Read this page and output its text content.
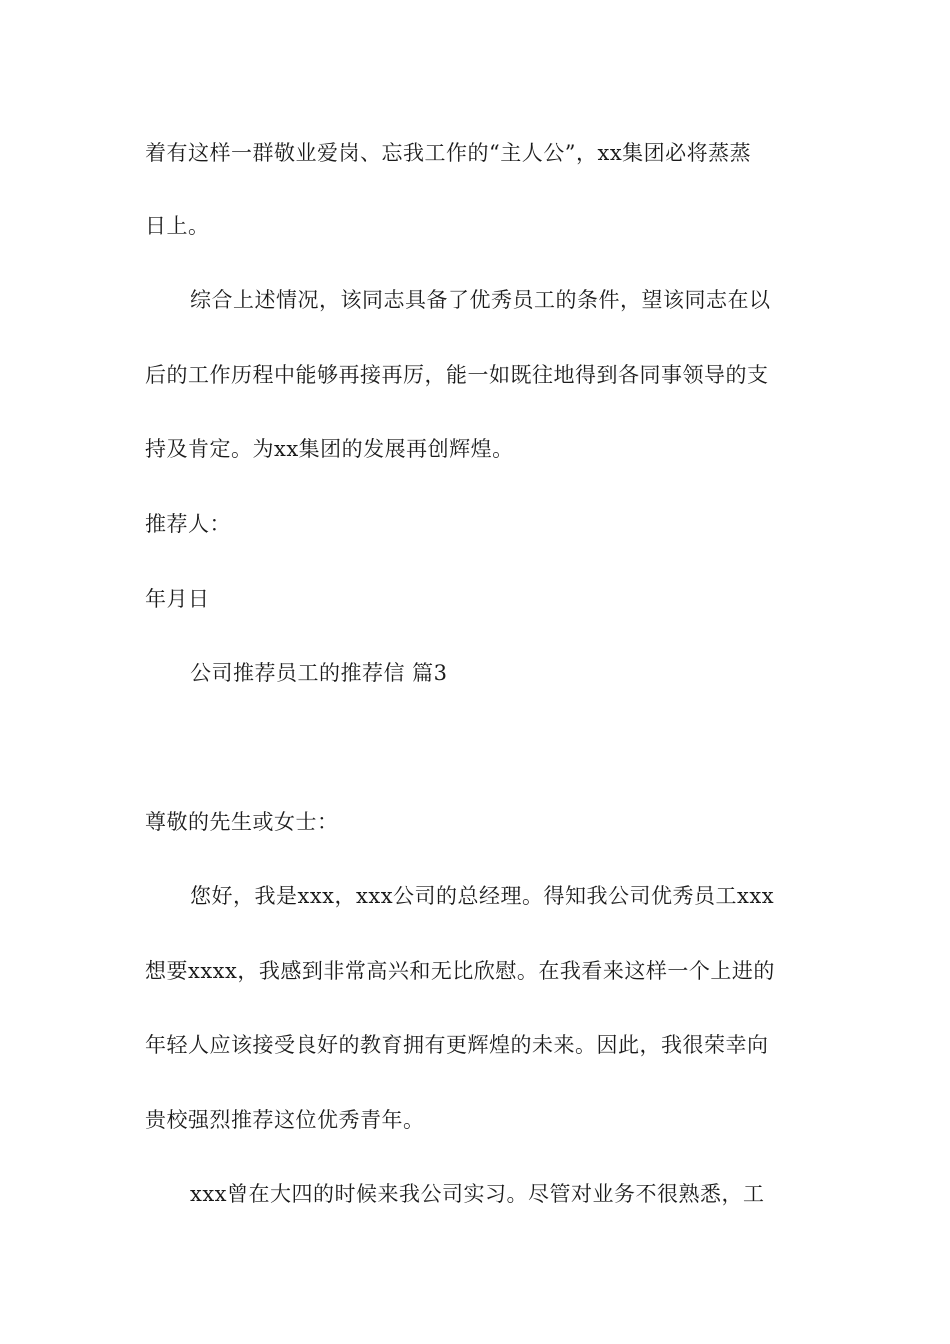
着有这样一群敬业爱岗、忘我工作的“主人公”，xx集团必将蒸蒸
日上。
综合上述情况，该同志具备了优秀员工的条件，望该同志在以
后的工作历程中能够再接再厉，能一如既往地得到各同事领导的支
持及肯定。为xx集团的发展再创辉煌。
推荐人：
年月日
公司推荐员工的推荐信 篇3
尊敬的先生或女士：
您好，我是xxx，xxx公司的总经理。得知我公司优秀员工xxx
想要xxxx，我感到非常高兴和无比欣慰。在我看来这样一个上进的
年轻人应该接受良好的教育拥有更辉煌的未来。因此，我很荣幸向
贵校强烈推荐这位优秀青年。
xxx曾在大四的时候来我公司实习。尽管对业务不很熟悉，工
